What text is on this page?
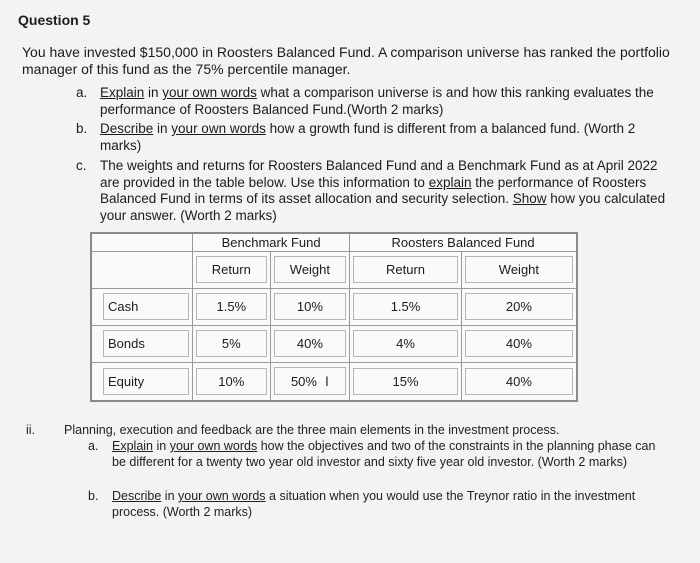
Question 5
You have invested $150,000 in Roosters Balanced Fund. A comparison universe has ranked the portfolio manager of this fund as the 75% percentile manager.
a. Explain in your own words what a comparison universe is and how this ranking evaluates the performance of Roosters Balanced Fund.(Worth 2 marks)
b. Describe in your own words how a growth fund is different from a balanced fund. (Worth 2 marks)
c. The weights and returns for Roosters Balanced Fund and a Benchmark Fund as at April 2022 are provided in the table below. Use this information to explain the performance of Roosters Balanced Fund in terms of its asset allocation and security selection. Show how you calculated your answer. (Worth 2 marks)
	Benchmark Fund		Roosters Balanced Fund	

	Return	Weight	Return	Weight

Cash	1.5%	10%	1.5%	20%

Bonds	5%	40%	4%	40%

Equity	10%	50% I	15%	40%
ii. Planning, execution and feedback are the three main elements in the investment process.
a. Explain in your own words how the objectives and two of the constraints in the planning phase can be different for a twenty two year old investor and sixty five year old investor. (Worth 2 marks)
b. Describe in your own words a situation when you would use the Treynor ratio in the investment process. (Worth 2 marks)
